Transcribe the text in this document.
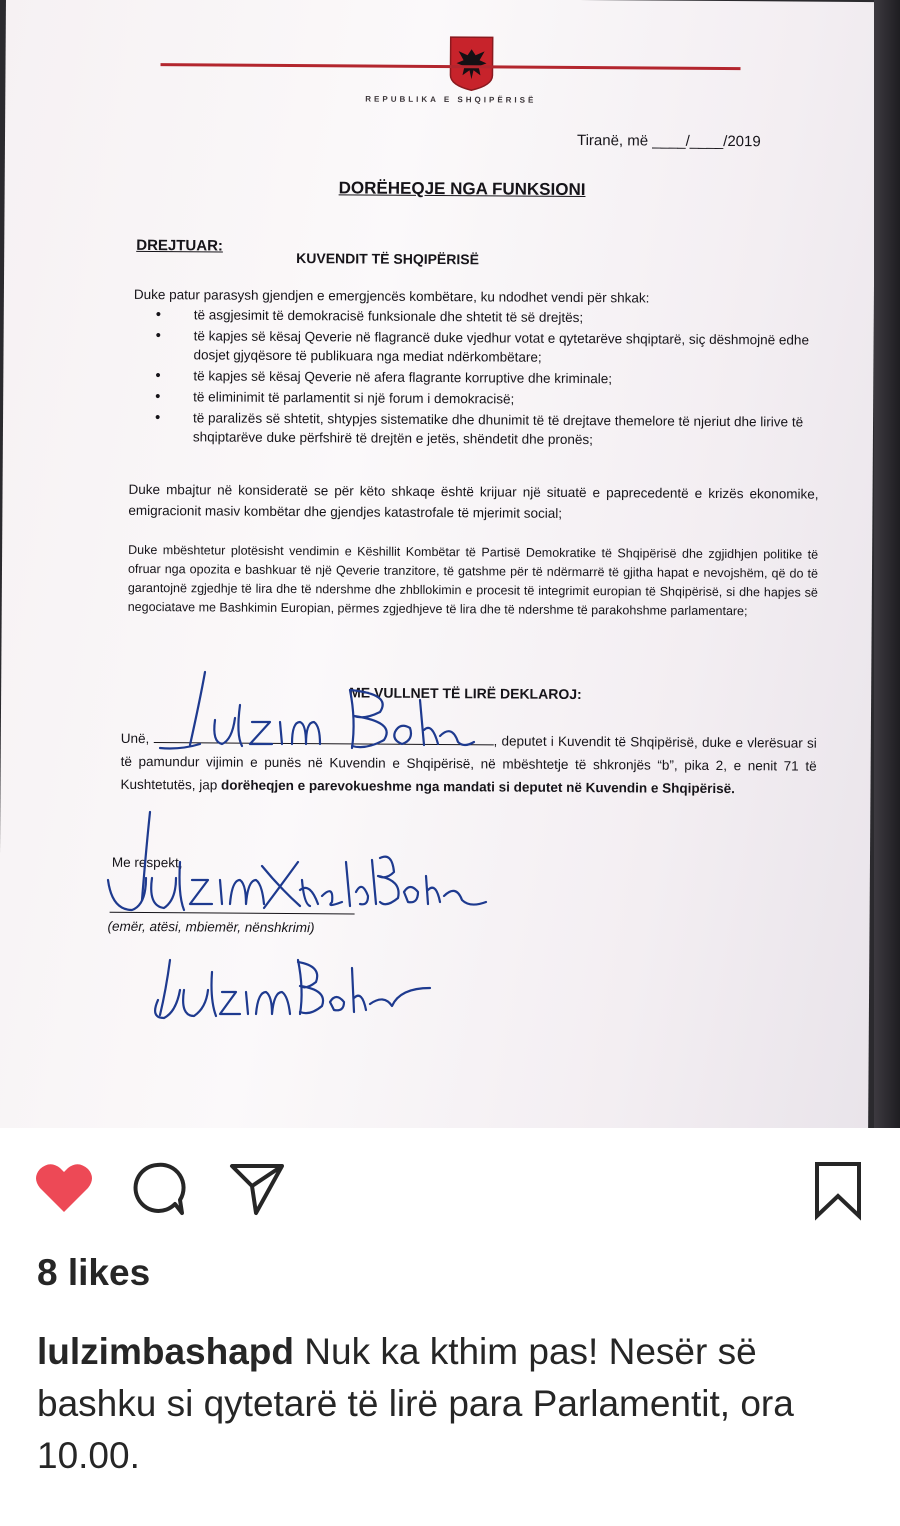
REPUBLIKA E SHQIPËRISË
Tiranë, më ____/____/2019
DORËHEQJE NGA FUNKSIONI
DREJTUAR:
KUVENDIT TË SHQIPËRISË
Duke patur parasysh gjendjen e emergjencës kombëtare, ku ndodhet vendi për shkak:
• të asgjesimit të demokracisë funksionale dhe shtetit të së drejtës;
• të kapjes së kësaj Qeverie në flagrancë duke vjedhur votat e qytetarëve shqiptarë, siç dëshmojnë edhe dosjet gjyqësore të publikuara nga mediat ndërkombëtare;
• të kapjes së kësaj Qeverie në afera flagrante korruptive dhe kriminale;
• të eliminimit të parlamentit si një forum i demokracisë;
• të paralizës së shtetit, shtypjes sistematike dhe dhunimit të të drejtave themelore të njeriut dhe lirive të shqiptarëve duke përfshirë të drejtën e jetës, shëndetit dhe pronës;
Duke mbajtur në konsideratë se për këto shkaqe është krijuar një situatë e paprecedentë e krizës ekonomike, emigracionit masiv kombëtar dhe gjendjes katastrofale të mjerimit social;
Duke mbështetur plotësisht vendimin e Këshillit Kombëtar të Partisë Demokratike të Shqipërisë dhe zgjidhjen politike të ofruar nga opozita e bashkuar të një Qeverie tranzitore, të gatshme për të ndërmarrë të gjitha hapat e nevojshëm, që do të garantojnë zgjedhje të lira dhe të ndershme dhe zhbllokimin e procesit të integrimit europian të Shqipërisë, si dhe hapjes së negociatave me Bashkimin Europian, përmes zgjedhjeve të lira dhe të ndershme të parakohshme parlamentare;
ME VULLNET TË LIRË DEKLAROJ:
Unë,	, deputet i Kuvendit të Shqipërisë, duke e vlerësuar si të pamundur vijimin e punës në Kuvendin e Shqipërisë, në mbështetje të shkronjës “b”, pika 2, e nenit 71 të Kushtetutës, jap dorëheqjen e parevokueshme nga mandati si deputet në Kuvendin e Shqipërisë.
Me respekt,
(emër, atësi, mbiemër, nënshkrimi)
8 likes
lulzimbashapd Nuk ka kthim pas! Nesër së bashku si qytetarë të lirë para Parlamentit, ora 10.00.
